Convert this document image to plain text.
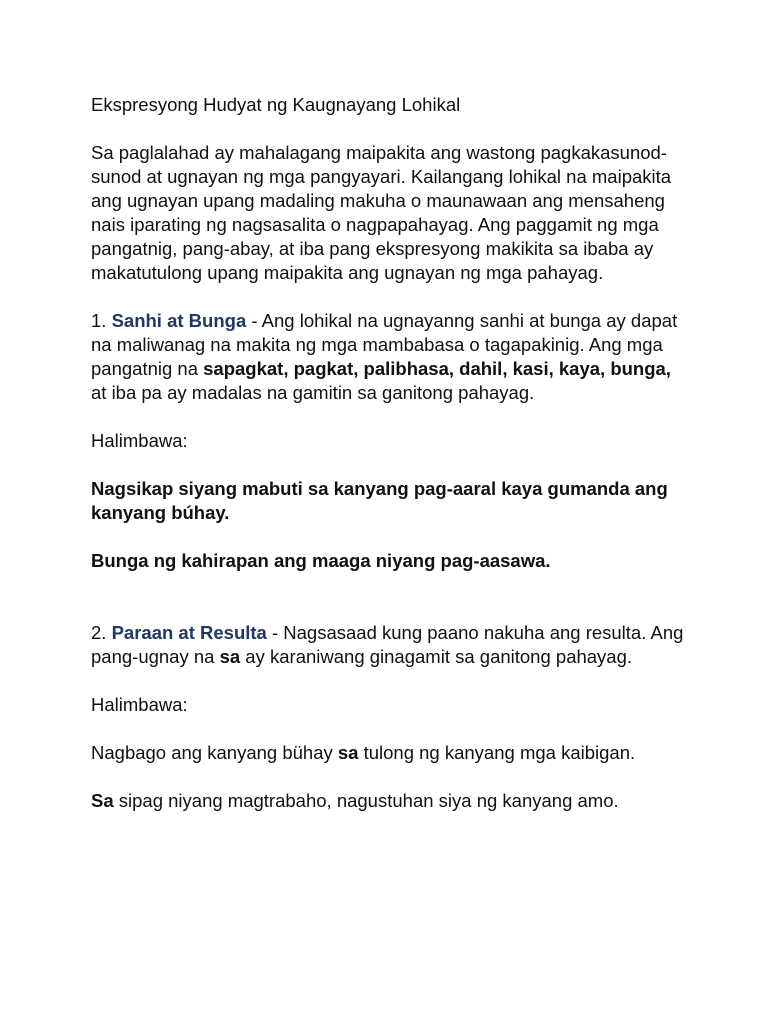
Ekspresyong Hudyat ng Kaugnayang Lohikal

Sa paglalahad ay mahalagang maipakita ang wastong pagkakasunod-sunod at ugnayan ng mga pangyayari. Kailangang lohikal na maipakita ang ugnayan upang madaling makuha o maunawaan ang mensaheng nais iparating ng nagsasalita o nagpapahayag. Ang paggamit ng mga pangatnig, pang-abay, at iba pang ekspresyong makikita sa ibaba ay makatutulong upang maipakita ang ugnayan ng mga pahayag.

1. Sanhi at Bunga - Ang lohikal na ugnayanng sanhi at bunga ay dapat na maliwanag na makita ng mga mambabasa o tagapakinig. Ang mga pangatnig na sapagkat, pagkat, palibhasa, dahil, kasi, kaya, bunga, at iba pa ay madalas na gamitin sa ganitong pahayag.

Halimbawa:

Nagsikap siyang mabuti sa kanyang pag-aaral kaya gumanda ang kanyang búhay.

Bunga ng kahirapan ang maaga niyang pag-aasawa.

2. Paraan at Resulta - Nagsasaad kung paano nakuha ang resulta. Ang pang-ugnay na sa ay karaniwang ginagamit sa ganitong pahayag.

Halimbawa:

Nagbago ang kanyang bühay sa tulong ng kanyang mga kaibigan.

Sa sipag niyang magtrabaho, nagustuhan siya ng kanyang amo.
